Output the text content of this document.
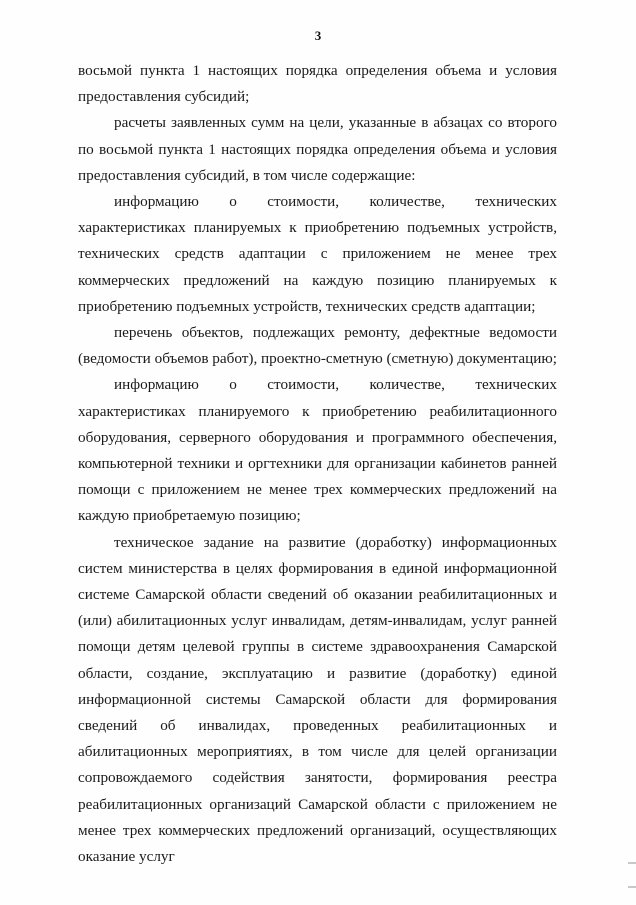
3

восьмой пункта 1 настоящих порядка определения объема и условия предоставления субсидий;

расчеты заявленных сумм на цели, указанные в абзацах со второго по восьмой пункта 1 настоящих порядка определения объема и условия предоставления субсидий, в том числе содержащие:

информацию о стоимости, количестве, технических характеристиках планируемых к приобретению подъемных устройств, технических средств адаптации с приложением не менее трех коммерческих предложений на каждую позицию планируемых к приобретению подъемных устройств, технических средств адаптации;

перечень объектов, подлежащих ремонту, дефектные ведомости (ведомости объемов работ), проектно-сметную (сметную) документацию;

информацию о стоимости, количестве, технических характеристиках планируемого к приобретению реабилитационного оборудования, серверного оборудования и программного обеспечения, компьютерной техники и оргтехники для организации кабинетов ранней помощи с приложением не менее трех коммерческих предложений на каждую приобретаемую позицию;

техническое задание на развитие (доработку) информационных систем министерства в целях формирования в единой информационной системе Самарской области сведений об оказании реабилитационных и (или) абилитационных услуг инвалидам, детям-инвалидам, услуг ранней помощи детям целевой группы в системе здравоохранения Самарской области, создание, эксплуатацию и развитие (доработку) единой информационной системы Самарской области для формирования сведений об инвалидах, проведенных реабилитационных и абилитационных мероприятиях, в том числе для целей организации сопровождаемого содействия занятости, формирования реестра реабилитационных организаций Самарской области с приложением не менее трех коммерческих предложений организаций, осуществляющих оказание услуг
